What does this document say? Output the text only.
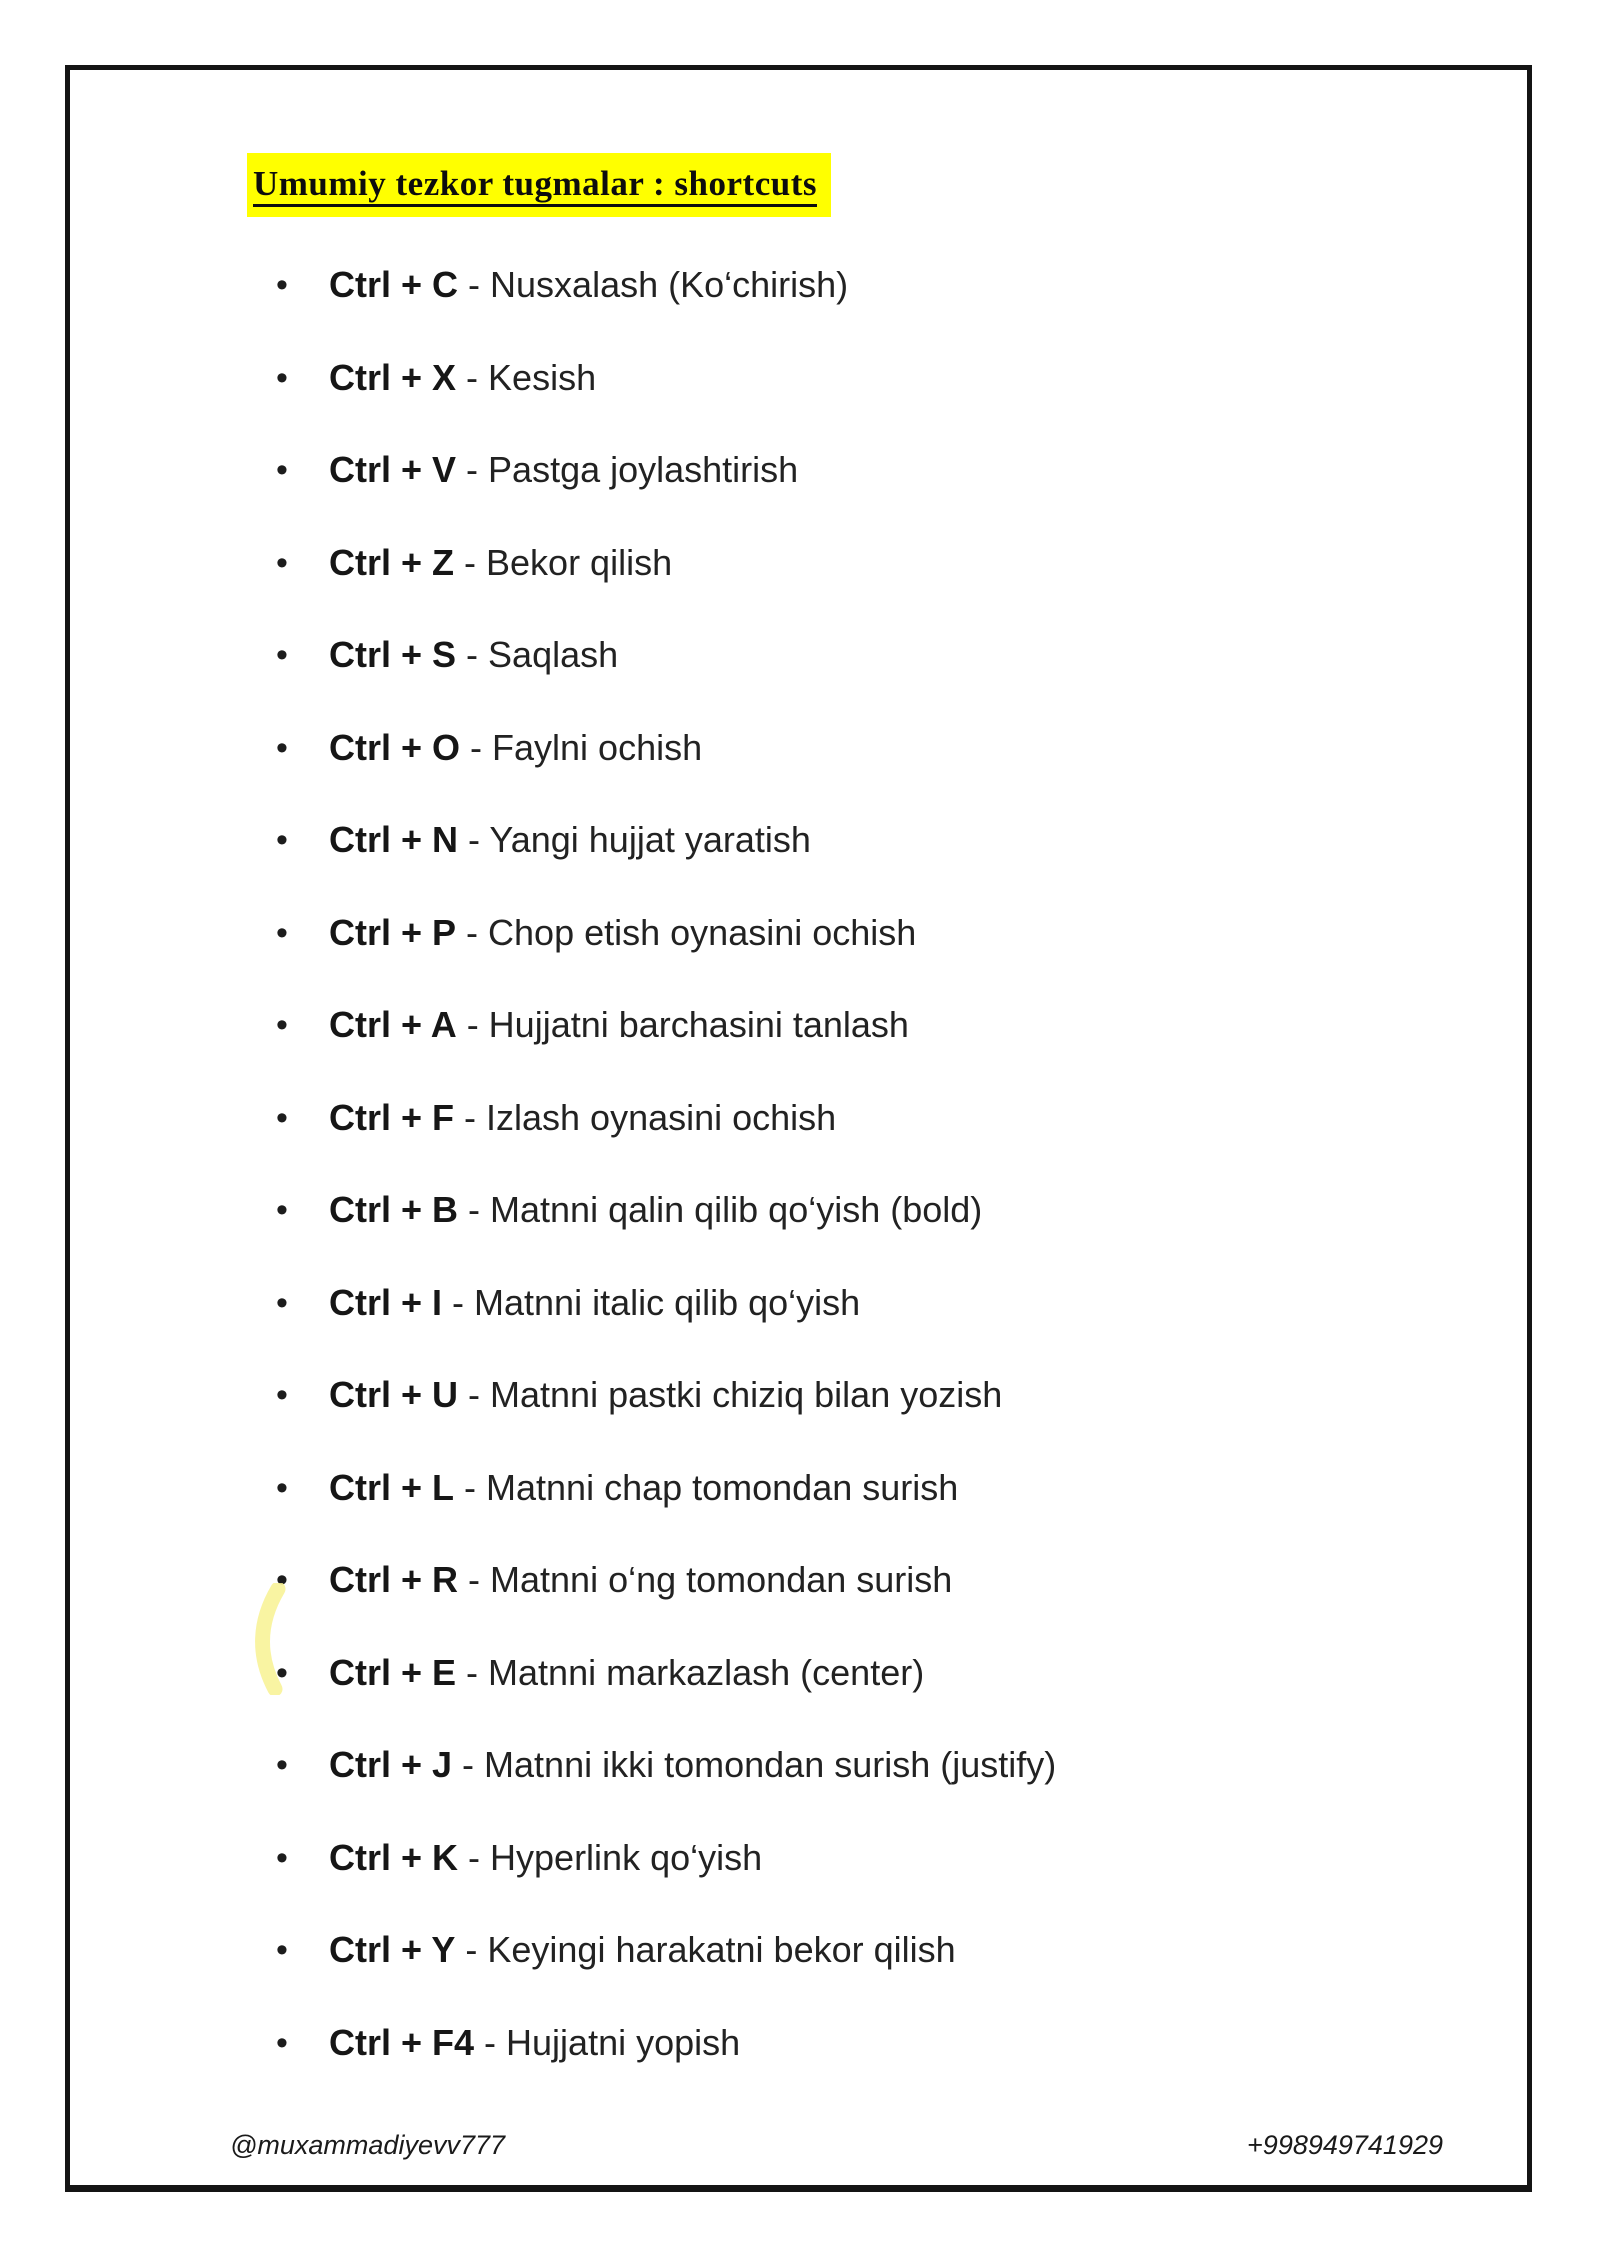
Umumiy tezkor tugmalar : shortcuts
•	Ctrl + C - Nusxalash (Ko‘chirish)
•	Ctrl + X - Kesish
•	Ctrl + V - Pastga joylashtirish
•	Ctrl + Z - Bekor qilish
•	Ctrl + S - Saqlash
•	Ctrl + O - Faylni ochish
•	Ctrl + N - Yangi hujjat yaratish
•	Ctrl + P - Chop etish oynasini ochish
•	Ctrl + A - Hujjatni barchasini tanlash
•	Ctrl + F - Izlash oynasini ochish
•	Ctrl + B - Matnni qalin qilib qo‘yish (bold)
•	Ctrl + I - Matnni italic qilib qo‘yish
•	Ctrl + U - Matnni pastki chiziq bilan yozish
•	Ctrl + L - Matnni chap tomondan surish
•	Ctrl + R - Matnni o‘ng tomondan surish
•	Ctrl + E - Matnni markazlash (center)
•	Ctrl + J - Matnni ikki tomondan surish (justify)
•	Ctrl + K - Hyperlink qo‘yish
•	Ctrl + Y - Keyingi harakatni bekor qilish
•	Ctrl + F4 - Hujjatni yopish
@muxammadiyevv777	+998949741929
